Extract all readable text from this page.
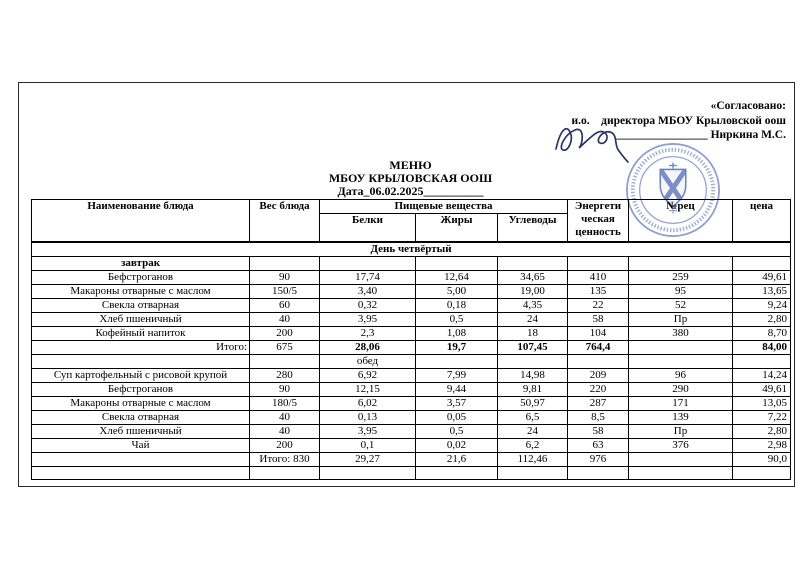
«Согласовано:
и.о.    директора МБОУ Крыловской оош
________________ Ниркина М.С.
МЕНЮ
МБОУ КРЫЛОВСКАЯ ООШ
Дата_06.02.2025__________
Наименование блюда	Вес блюда	Пищевые вещества			Энергети ческая ценность	№рец	цена
		Белки	Жиры	Углеводы			
День четвёртый							
завтрак							
Бефстроганов	90	17,74	12,64	34,65	410	259	49,61
Макароны отварные с маслом	150/5	3,40	5,00	19,00	135	95	13,65
Свекла отварная	60	0,32	0,18	4,35	22	52	9,24
Хлеб пшеничный	40	3,95	0,5	24	58	Пр	2,80
Кофейный напиток	200	2,3	1,08	18	104	380	8,70
Итого:	675	28,06	19,7	107,45	764,4		84,00
		обед					
Суп картофельный с рисовой крупой	280	6,92	7,99	14,98	209	96	14,24
Бефстроганов	90	12,15	9,44	9,81	220	290	49,61
Макароны отварные с маслом	180/5	6,02	3,57	50,97	287	171	13,05
Свекла отварная	40	0,13	0,05	6,5	8,5	139	7,22
Хлеб пшеничный	40	3,95	0,5	24	58	Пр	2,80
Чай	200	0,1	0,02	6,2	63	376	2,98
	Итого: 830	29,27	21,6	112,46	976		90,0
